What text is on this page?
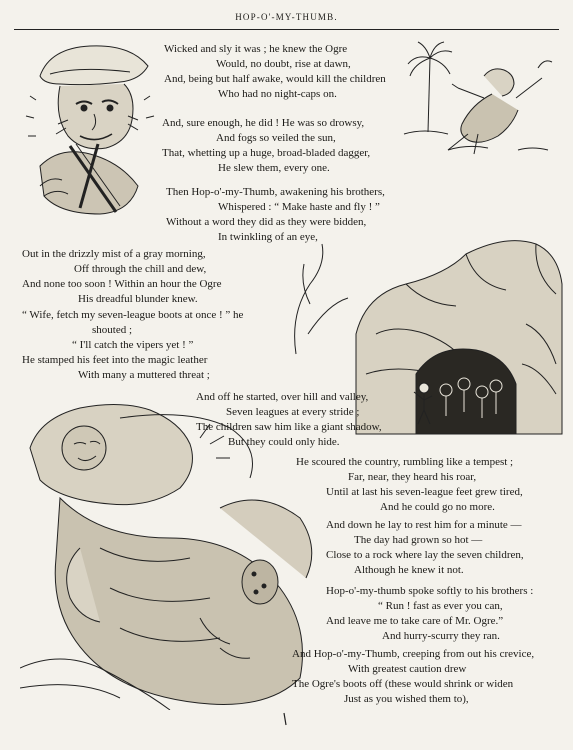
HOP-O'-MY-THUMB.
Wicked and sly it was ; he knew the Ogre
Would, no doubt, rise at dawn,
And, being but half awake, would kill the children
Who had no night-caps on.
And, sure enough, he did ! He was so drowsy,
And fogs so veiled the sun,
That, whetting up a huge, broad-bladed dagger,
He slew them, every one.
Then Hop-o'-my-Thumb, awakening his brothers,
Whispered : “ Make haste and fly ! ”
Without a word they did as they were bidden,
In twinkling of an eye,
Out in the drizzly mist of a gray morning,
Off through the chill and dew,
And none too soon ! Within an hour the Ogre
His dreadful blunder knew.
“ Wife, fetch my seven-league boots at once ! ” he
shouted ;
“ I'll catch the vipers yet ! ”
He stamped his feet into the magic leather
With many a muttered threat ;
And off he started, over hill and valley,
Seven leagues at every stride ;
The children saw him like a giant shadow,
But they could only hide.
He scoured the country, rumbling like a tempest ;
Far, near, they heard his roar,
Until at last his seven-league feet grew tired,
And he could go no more.
And down he lay to rest him for a minute —
The day had grown so hot —
Close to a rock where lay the seven children,
Although he knew it not.
Hop-o'-my-thumb spoke softly to his brothers :
“ Run ! fast as ever you can,
And leave me to take care of Mr. Ogre.”
And hurry-scurry they ran.
And Hop-o'-my-Thumb, creeping from out his crevice,
With greatest caution drew
The Ogre's boots off (these would shrink or widen
Just as you wished them to),
